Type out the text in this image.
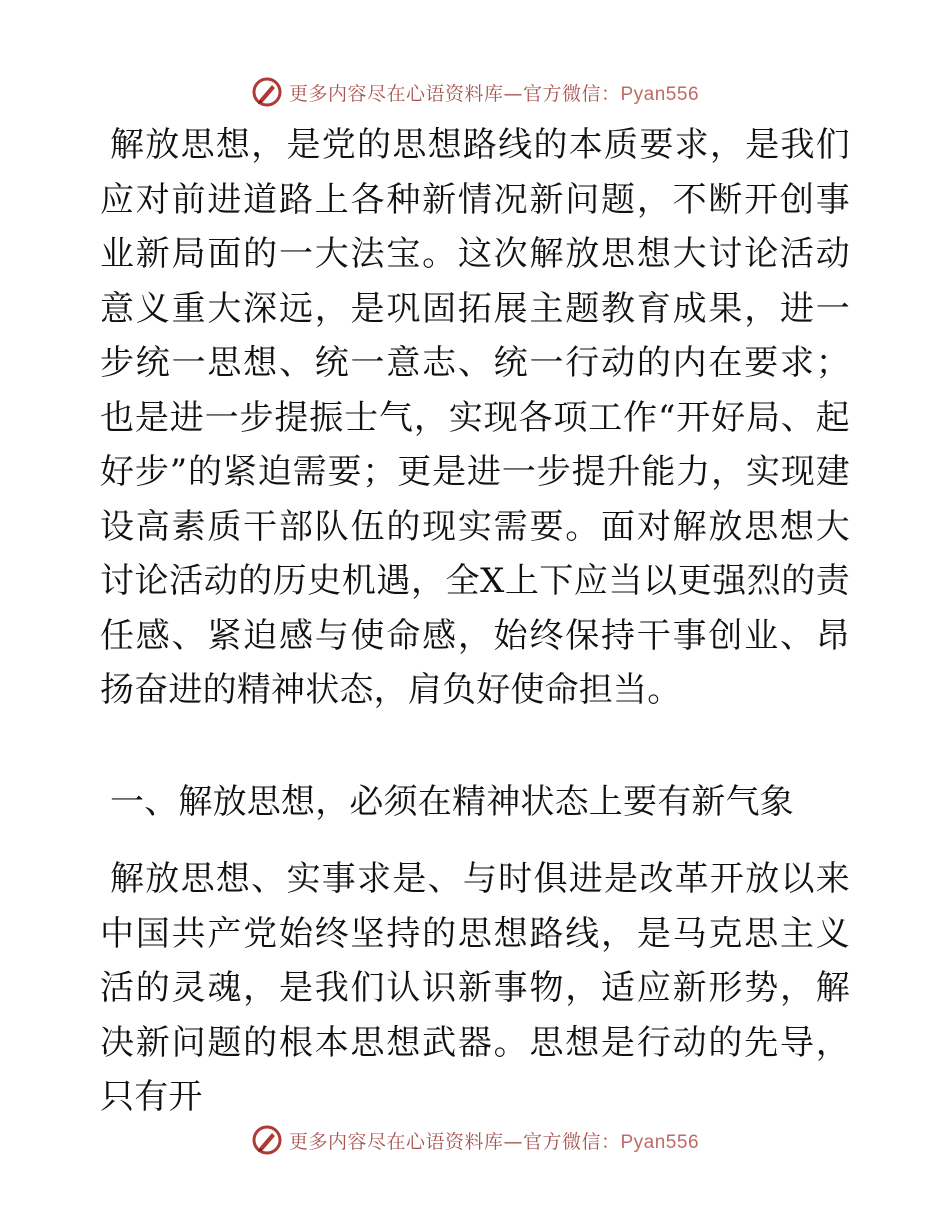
更多内容尽在心语资料库—官方微信：Pyan556

解放思想，是党的思想路线的本质要求，是我们应对前进道路上各种新情况新问题，不断开创事业新局面的一大法宝。这次解放思想大讨论活动意义重大深远，是巩固拓展主题教育成果，进一步统一思想、统一意志、统一行动的内在要求；也是进一步提振士气，实现各项工作“开好局、起好步”的紧迫需要；更是进一步提升能力，实现建设高素质干部队伍的现实需要。面对解放思想大讨论活动的历史机遇，全X上下应当以更强烈的责任感、紧迫感与使命感，始终保持干事创业、昂扬奋进的精神状态，肩负好使命担当。

一、解放思想，必须在精神状态上要有新气象

解放思想、实事求是、与时俱进是改革开放以来中国共产党始终坚持的思想路线，是马克思主义活的灵魂，是我们认识新事物，适应新形势，解决新问题的根本思想武器。思想是行动的先导，只有开

更多内容尽在心语资料库—官方微信：Pyan556
